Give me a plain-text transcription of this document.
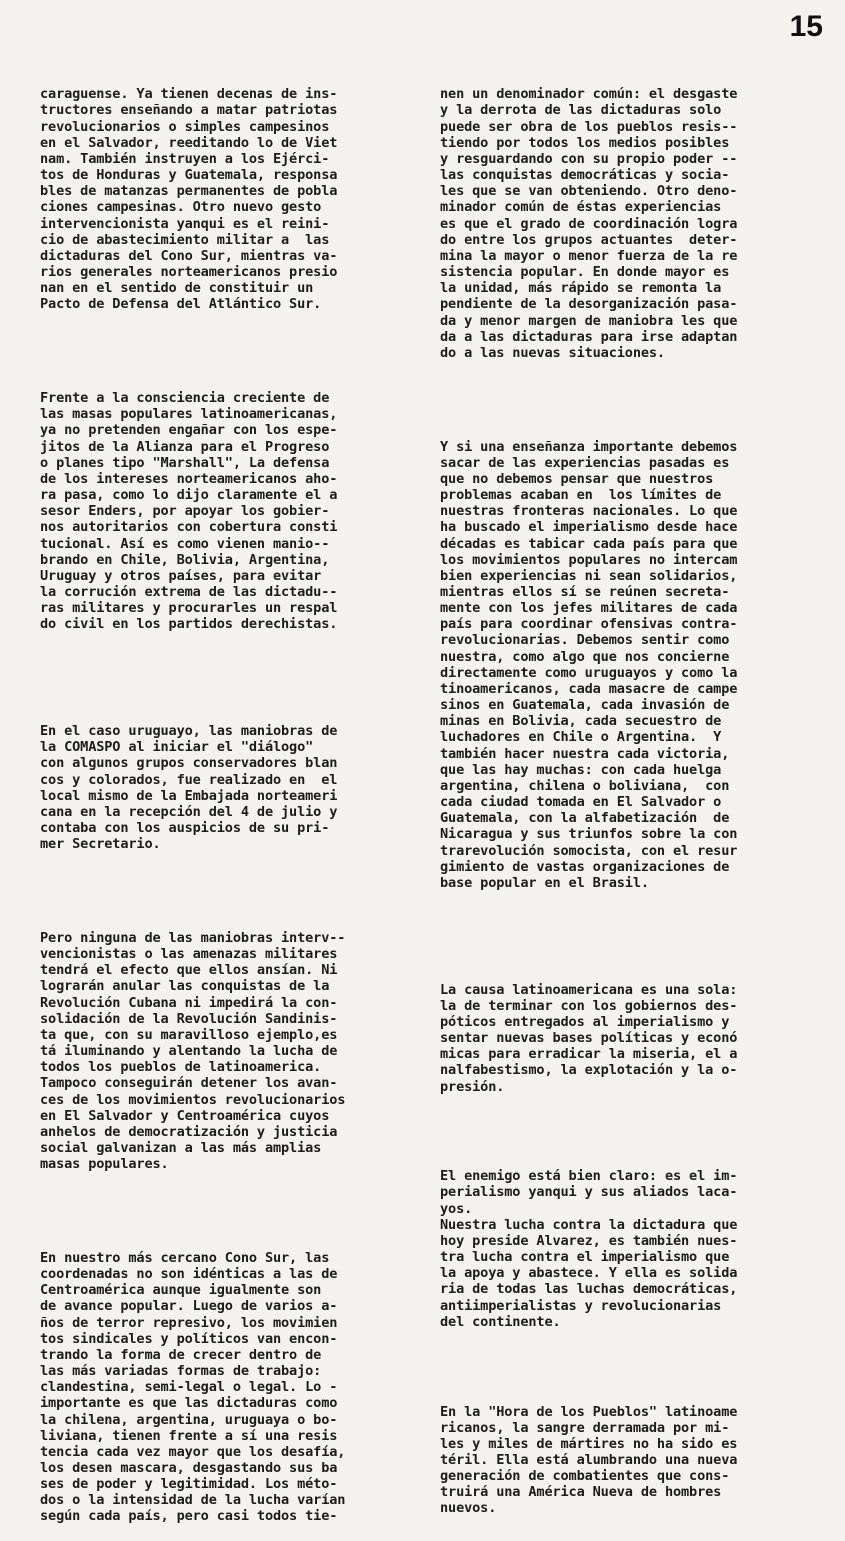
15

caraguense. Ya tienen decenas de ins-
tructores enseñando a matar patriotas
revolucionarios o simples campesinos
en el Salvador, reeditando lo de Viet
nam. También instruyen a los Ejérci-
tos de Honduras y Guatemala, responsa
bles de matanzas permanentes de pobla
ciones campesinas. Otro nuevo gesto
intervencionista yanqui es el reini-
cio de abastecimiento militar a  las
dictaduras del Cono Sur, mientras va-
rios generales norteamericanos presio
nan en el sentido de constituir un
Pacto de Defensa del Atlántico Sur.

Frente a la consciencia creciente de
las masas populares latinoamericanas,
ya no pretenden engañar con los espe-
jitos de la Alianza para el Progreso
o planes tipo "Marshall", La defensa
de los intereses norteamericanos aho-
ra pasa, como lo dijo claramente el a
sesor Enders, por apoyar los gobier-
nos autoritarios con cobertura consti
tucional. Así es como vienen manio--
brando en Chile, Bolivia, Argentina,
Uruguay y otros países, para evitar
la corrución extrema de las dictadu--
ras militares y procurarles un respal
do civil en los partidos derechistas.

En el caso uruguayo, las maniobras de
la COMASPO al iniciar el "diálogo"
con algunos grupos conservadores blan
cos y colorados, fue realizado en  el
local mismo de la Embajada norteameri
cana en la recepción del 4 de julio y
contaba con los auspicios de su pri-
mer Secretario.

Pero ninguna de las maniobras interv--
vencionistas o las amenazas militares
tendrá el efecto que ellos ansían. Ni
lograrán anular las conquistas de la
Revolución Cubana ni impedirá la con-
solidación de la Revolución Sandinis-
ta que, con su maravilloso ejemplo,es
tá iluminando y alentando la lucha de
todos los pueblos de latinoamerica.
Tampoco conseguirán detener los avan-
ces de los movimientos revolucionarios
en El Salvador y Centroamérica cuyos
anhelos de democratización y justicia
social galvanizan a las más amplias
masas populares.

En nuestro más cercano Cono Sur, las
coordenadas no son idénticas a las de
Centroamérica aunque igualmente son
de avance popular. Luego de varios a-
ños de terror represivo, los movimien
tos sindicales y políticos van encon-
trando la forma de crecer dentro de
las más variadas formas de trabajo:
clandestina, semi-legal o legal. Lo -
importante es que las dictaduras como
la chilena, argentina, uruguaya o bo-
liviana, tienen frente a sí una resis
tencia cada vez mayor que los desafía,
los desen mascara, desgastando sus ba
ses de poder y legitimidad. Los méto-
dos o la intensidad de la lucha varían
según cada país, pero casi todos tie-

nen un denominador común: el desgaste
y la derrota de las dictaduras solo
puede ser obra de los pueblos resis--
tiendo por todos los medios posibles
y resguardando con su propio poder --
las conquistas democráticas y socia-
les que se van obteniendo. Otro deno-
minador común de éstas experiencias
es que el grado de coordinación logra
do entre los grupos actuantes  deter-
mina la mayor o menor fuerza de la re
sistencia popular. En donde mayor es
la unidad, más rápido se remonta la
pendiente de la desorganización pasa-
da y menor margen de maniobra les que
da a las dictaduras para irse adaptan
do a las nuevas situaciones.

Y si una enseñanza importante debemos
sacar de las experiencias pasadas es
que no debemos pensar que nuestros
problemas acaban en  los límites de
nuestras fronteras nacionales. Lo que
ha buscado el imperialismo desde hace
décadas es tabicar cada país para que
los movimientos populares no intercam
bien experiencias ni sean solidarios,
mientras ellos sí se reúnen secreta-
mente con los jefes militares de cada
país para coordinar ofensivas contra-
revolucionarias. Debemos sentir como
nuestra, como algo que nos concierne
directamente como uruguayos y como la
tinoamericanos, cada masacre de campe
sinos en Guatemala, cada invasión de
minas en Bolivia, cada secuestro de
luchadores en Chile o Argentina.  Y
también hacer nuestra cada victoria,
que las hay muchas: con cada huelga
argentina, chilena o boliviana,  con
cada ciudad tomada en El Salvador o
Guatemala, con la alfabetización  de
Nicaragua y sus triunfos sobre la con
trarevolución somocista, con el resur
gimiento de vastas organizaciones de
base popular en el Brasil.

La causa latinoamericana es una sola:
la de terminar con los gobiernos des-
póticos entregados al imperialismo y
sentar nuevas bases políticas y econó
micas para erradicar la miseria, el a
nalfabestismo, la explotación y la o-
presión.

El enemigo está bien claro: es el im-
perialismo yanqui y sus aliados laca-
yos.
Nuestra lucha contra la dictadura que
hoy preside Alvarez, es también nues-
tra lucha contra el imperialismo que
la apoya y abastece. Y ella es solida
ria de todas las luchas democráticas,
antiimperialistas y revolucionarias
del continente.

En la "Hora de los Pueblos" latinoame
ricanos, la sangre derramada por mi-
les y miles de mártires no ha sido es
téril. Ella está alumbrando una nueva
generación de combatientes que cons-
truirá una América Nueva de hombres
nuevos.
